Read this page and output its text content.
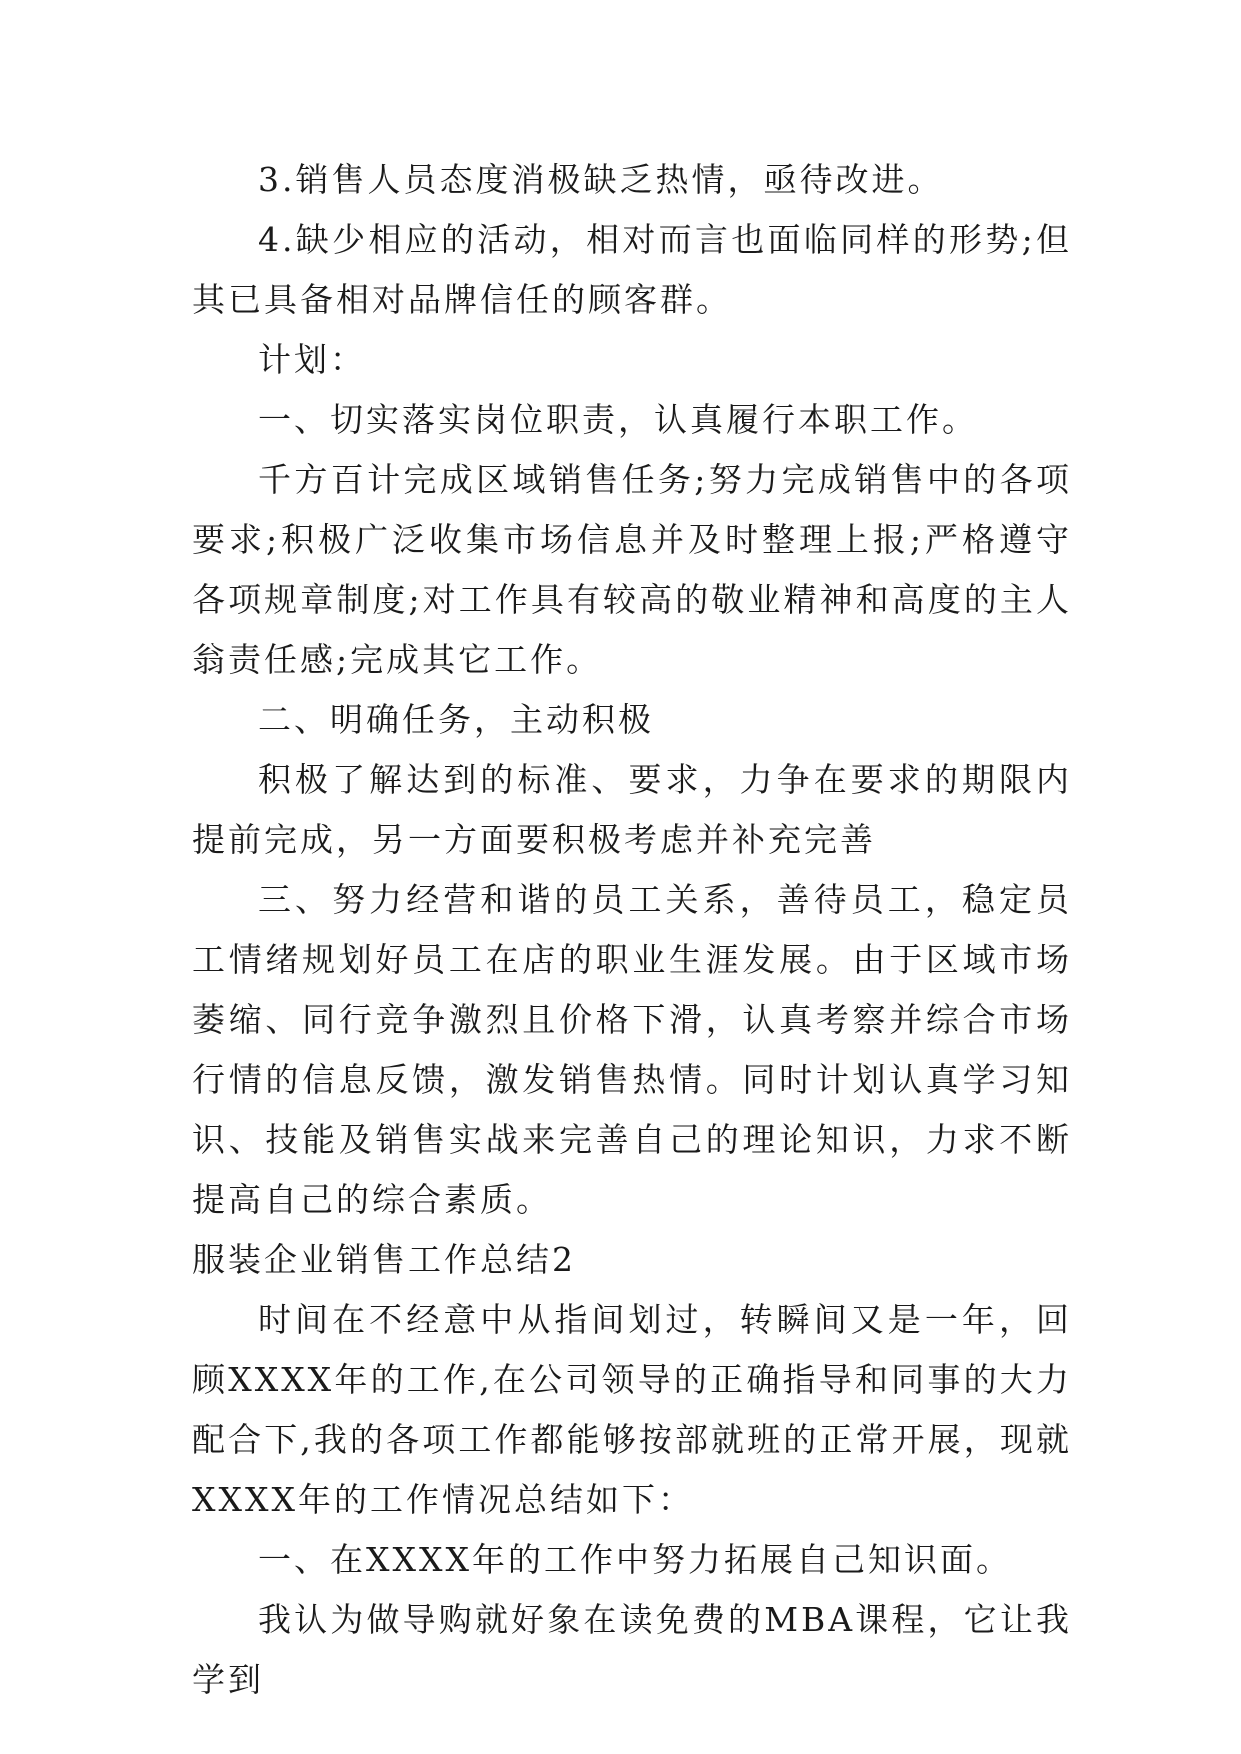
3.销售人员态度消极缺乏热情，亟待改进。

4.缺少相应的活动，相对而言也面临同样的形势;但其已具备相对品牌信任的顾客群。

计划：

一、切实落实岗位职责，认真履行本职工作。

千方百计完成区域销售任务;努力完成销售中的各项要求;积极广泛收集市场信息并及时整理上报;严格遵守各项规章制度;对工作具有较高的敬业精神和高度的主人翁责任感;完成其它工作。

二、明确任务，主动积极

积极了解达到的标准、要求，力争在要求的期限内提前完成，另一方面要积极考虑并补充完善

三、努力经营和谐的员工关系，善待员工，稳定员工情绪规划好员工在店的职业生涯发展。由于区域市场萎缩、同行竞争激烈且价格下滑，认真考察并综合市场行情的信息反馈，激发销售热情。同时计划认真学习知识、技能及销售实战来完善自己的理论知识，力求不断提高自己的综合素质。

服装企业销售工作总结2

时间在不经意中从指间划过，转瞬间又是一年，回顾XXXX年的工作,在公司领导的正确指导和同事的大力配合下,我的各项工作都能够按部就班的正常开展，现就XXXX年的工作情况总结如下：

一、在XXXX年的工作中努力拓展自己知识面。

我认为做导购就好象在读免费的MBA课程，它让我学到
